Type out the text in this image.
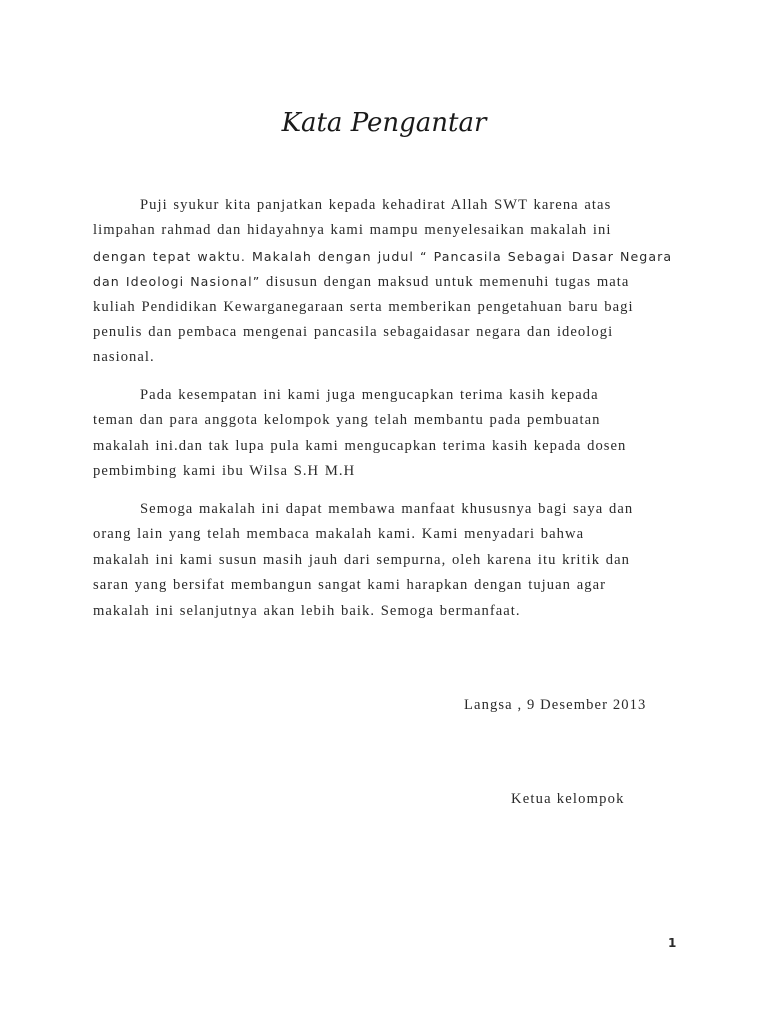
Kata Pengantar
Puji syukur kita panjatkan kepada kehadirat Allah SWT karena atas
limpahan rahmad dan hidayahnya kami mampu menyelesaikan makalah ini
dengan tepat waktu. Makalah dengan judul “ Pancasila Sebagai Dasar Negara
dan Ideologi Nasional” disusun dengan maksud untuk memenuhi tugas mata
kuliah Pendidikan Kewarganegaraan serta memberikan pengetahuan baru bagi
penulis dan pembaca mengenai pancasila sebagaidasar negara dan ideologi
nasional.
Pada kesempatan ini kami juga mengucapkan terima kasih kepada
teman dan para anggota kelompok yang telah membantu pada pembuatan
makalah ini.dan tak lupa pula kami mengucapkan terima kasih kepada dosen
pembimbing kami ibu Wilsa S.H M.H
Semoga makalah ini dapat membawa manfaat khususnya bagi saya dan
orang lain yang telah membaca makalah kami. Kami menyadari bahwa
makalah ini kami susun masih jauh dari sempurna, oleh karena itu kritik dan
saran yang bersifat membangun sangat kami harapkan dengan tujuan agar
makalah ini selanjutnya akan lebih baik. Semoga bermanfaat.
Langsa , 9 Desember 2013
Ketua kelompok
1
